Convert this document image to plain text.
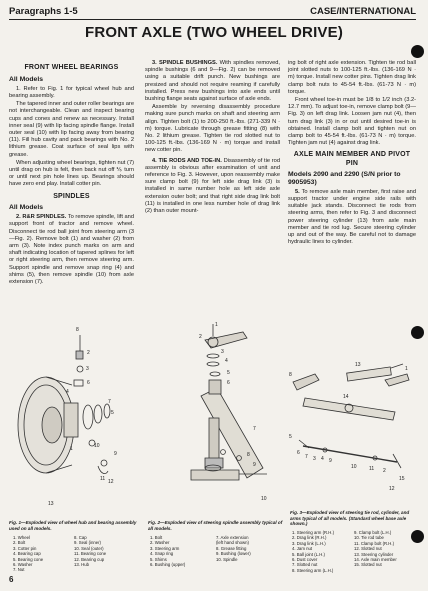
Paragraphs 1-5	CASE/INTERNATIONAL
FRONT AXLE (TWO WHEEL DRIVE)
FRONT WHEEL BEARINGS
All Models

1. Refer to Fig. 1 for typical wheel hub and bearing assembly.

The tapered inner and outer roller bearings are not interchangeable. Clean and inspect bearing cups and cones and renew as necessary. Install inner seal (9) with lip facing spindle flange. Install outer seal (10) with lip facing away from bearing (11). Fill hub cavity and pack bearings with No. 2 lithium grease. Coat surface of seal lips with grease.

When adjusting wheel bearings, tighten nut (7) until drag on hub is felt, then back nut off ⅙ turn or until next pin hole lines up. Bearings should have zero end play. Install cotter pin.

SPINDLES
All Models

2. R&R SPINDLES. To remove spindle, lift and support front of tractor and remove wheel. Disconnect tie rod ball joint from steering arm (3—Fig. 2). Remove bolt (1) and washer (2) from arm (3). Note index punch marks on arm and shaft indicating location of tapered splines for left or right steering arm, then remove steering arm. Support spindle and remove snap ring (4) and shims (5), then remove spindle (10) from axle extension (7).

3. SPINDLE BUSHINGS. With spindles removed, spindle bushings (6 and 9—Fig. 2) can be removed using a suitable drift punch. New bushings are presized and should not require reaming if carefully installed. Press new bushings into axle ends until bushing flange seats against surface of axle ends.

Assemble by reversing disassembly procedure making sure punch marks on shaft and steering arm align. Tighten bolt (1) to 200-250 ft.-lbs. (271-339 N · m) torque. Lubricate through grease fitting (8) with No. 2 lithium grease. Tighten tie rod slotted nut to 100-125 ft.-lbs. (136-169 N · m) torque and install new cotter pin.

4. TIE RODS AND TOE-IN. Disassembly of tie rod assembly is obvious after examination of unit and reference to Fig. 3. However, upon reassembly make sure clamp bolt (9) for left side drag link (3) is installed in same number hole as left side axle extension outer bolt; and that right side drag link bolt (11) is installed in one less number hole of drag link (2) than outer mount-

ing bolt of right axle extension. Tighten tie rod ball joint slotted nuts to 100-125 ft.-lbs. (136-169 N · m) torque. Install new cotter pins. Tighten drag link clamp bolt nuts to 45-54 ft.-lbs. (61-73 N · m) torque.

Front wheel toe-in must be 1/8 to 1/2 inch (3.2-12.7 mm). To adjust toe-in, remove clamp bolt (9—Fig. 3) on left drag link. Loosen jam nut (4), then turn drag link (3) in or out until desired toe-in is obtained. Install clamp bolt and tighten nut on clamp bolt to 45-54 ft.-lbs. (61-73 N · m) torque. Tighten jam nut (4) against drag link.

AXLE MAIN MEMBER AND PIVOT PIN
Models 2090 and 2290 (S/N prior to 9905953)

5. To remove axle main member, first raise and support tractor under engine side rails with suitable jack stands. Disconnect tie rods from steering arms, then refer to Fig. 3 and disconnect power steering cylinder (13) from axle main member and tie rod lug. Secure steering cylinder up and out of the way. Be careful not to damage hydraulic lines to cylinder.

8
2
3
6
7
5
1	10
11 12
13
9
4
Fig. 1—Exploded view of wheel hub and bearing assembly used on all models.
1. Wheel	8. Cap
2. Bolt	9. Seal (inner)
3. Cotter pin	10. Seal (outer)
4. Bearing cap	11. Bearing cone
5. Bearing cone	12. Bearing cup
6. Washer	13. Hub
7. Nut
1
3
4
5
6
7
8
9
10
2
Fig. 2—Exploded view of steering spindle assembly typical of all models.
1. Bolt	7. Axle extension
2. Washer	(left hand shown)
3. Steering arm	8. Grease fitting
4. Snap ring	9. Bushing (lower)
5. Shims	10. Spindle
6. Bushing (upper)
8
13
1
14
5
6
7 3 4 9
10 11 2
15
12
Fig. 3—Exploded view of steering tie rod, cylinder, and arms typical of all models. (Standard wheel base axle shown.)
1. Steering arm (R.H.)	9. Clamp bolt (L.H.)
2. Drag link (R.H.)	10. Tie rod tube
3. Drag link (L.H.)	11. Clamp bolt (R.H.)
4. Jam nut	12. Slotted nut
5. Ball joint (L.H.)	13. Steering cylinder
6. Dust cover	14. Axle main member
7. Slotted nut	15. Slotted nut
8. Steering arm (L.H.)
6
